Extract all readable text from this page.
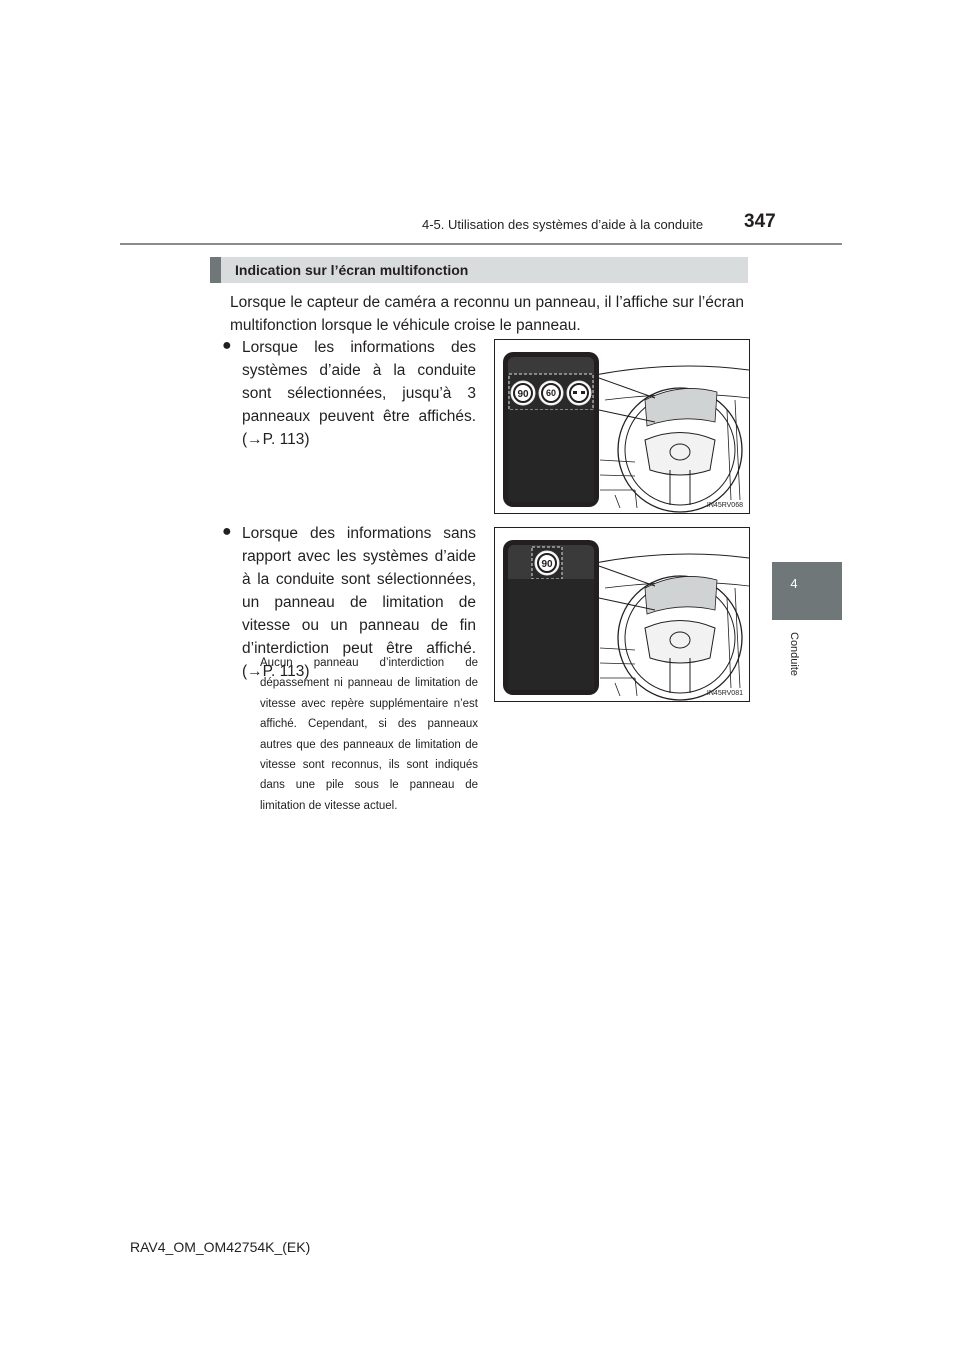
4-5. Utilisation des systèmes d’aide à la conduite 347
4
Conduite
Indication sur l’écran multifonction
Lorsque le capteur de caméra a reconnu un panneau, il l’affiche sur l’écran multifonction lorsque le véhicule croise le panneau.
● Lorsque les informations des systèmes d’aide à la conduite sont sélectionnées, jusqu’à 3 panneaux peuvent être affichés. (→P. 113)
● Lorsque des informations sans rapport avec les systèmes d’aide à la conduite sont sélectionnées, un panneau de limitation de vitesse ou un panneau de fin d’interdiction peut être affiché. (→P. 113)
Aucun panneau d’interdiction de dépassement ni panneau de limitation de vitesse avec repère supplémentaire n’est affiché. Cependant, si des panneaux autres que des panneaux de limitation de vitesse sont reconnus, ils sont indiqués dans une pile sous le panneau de limitation de vitesse actuel.
90 60
IN45RV068
90
IN45RV081
RAV4_OM_OM42754K_(EK)
